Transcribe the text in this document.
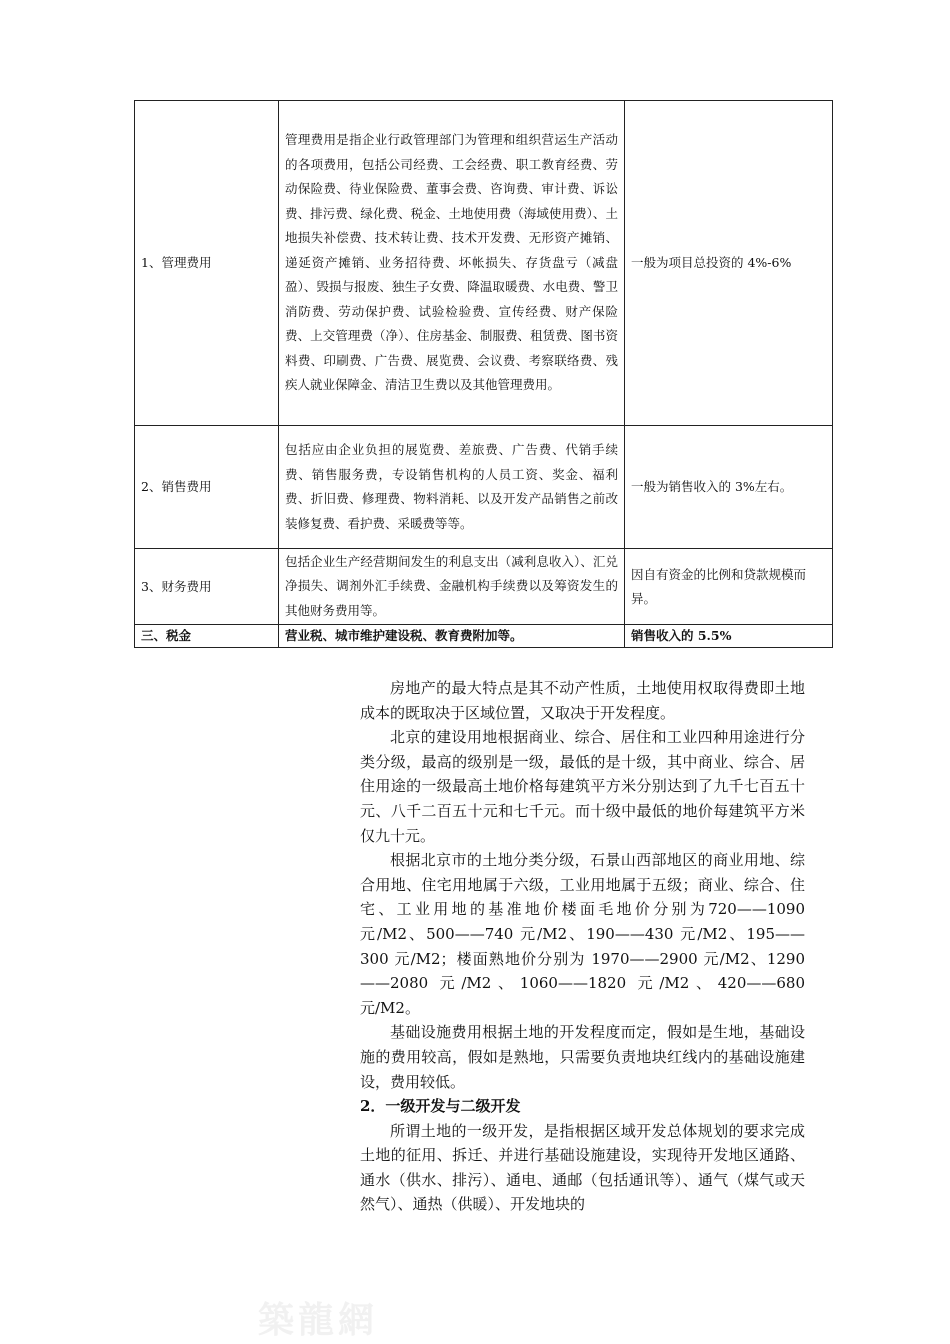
1、管理费用	管理费用是指企业行政管理部门为管理和组织营运生产活动的各项费用，包括公司经费、工会经费、职工教育经费、劳动保险费、待业保险费、董事会费、咨询费、审计费、诉讼费、排污费、绿化费、税金、土地使用费（海域使用费）、土地损失补偿费、技术转让费、技术开发费、无形资产摊销、递延资产摊销、业务招待费、坏帐损失、存货盘亏（减盘盈）、毁损与报废、独生子女费、降温取暖费、水电费、警卫消防费、劳动保护费、试验检验费、宣传经费、财产保险费、上交管理费（净）、住房基金、制服费、租赁费、图书资料费、印刷费、广告费、展览费、会议费、考察联络费、残疾人就业保障金、清洁卫生费以及其他管理费用。	一般为项目总投资的 4%-6%
2、销售费用	包括应由企业负担的展览费、差旅费、广告费、代销手续费、销售服务费，专设销售机构的人员工资、奖金、福利费、折旧费、修理费、物料消耗、以及开发产品销售之前改装修复费、看护费、采暖费等等。	一般为销售收入的 3%左右。
3、财务费用	包括企业生产经营期间发生的利息支出（减利息收入）、汇兑净损失、调剂外汇手续费、金融机构手续费以及筹资发生的其他财务费用等。	因自有资金的比例和贷款规模而异。
三、税金	营业税、城市维护建设税、教育费附加等。	销售收入的 5.5%

房地产的最大特点是其不动产性质，土地使用权取得费即土地成本的既取决于区域位置，又取决于开发程度。

北京的建设用地根据商业、综合、居住和工业四种用途进行分类分级，最高的级别是一级，最低的是十级，其中商业、综合、居住用途的一级最高土地价格每建筑平方米分别达到了九千七百五十元、八千二百五十元和七千元。而十级中最低的地价每建筑平方米仅九十元。

根据北京市的土地分类分级，石景山西部地区的商业用地、综合用地、住宅用地属于六级，工业用地属于五级；商业、综合、住宅、工业用地的基准地价楼面毛地价分别为720——1090 元/M2、500——740 元/M2、190——430 元/M2、195——300 元/M2；楼面熟地价分别为 1970——2900 元/M2、1290——2080 元/M2、1060——1820 元/M2、420——680 元/M2。

基础设施费用根据土地的开发程度而定，假如是生地，基础设施的费用较高，假如是熟地，只需要负责地块红线内的基础设施建设，费用较低。

2．一级开发与二级开发

所谓土地的一级开发，是指根据区域开发总体规划的要求完成土地的征用、拆迁、并进行基础设施建设，实现待开发地区通路、通水（供水、排污）、通电、通邮（包括通讯等）、通气（煤气或天然气）、通热（供暖）、开发地块的

築龍網
